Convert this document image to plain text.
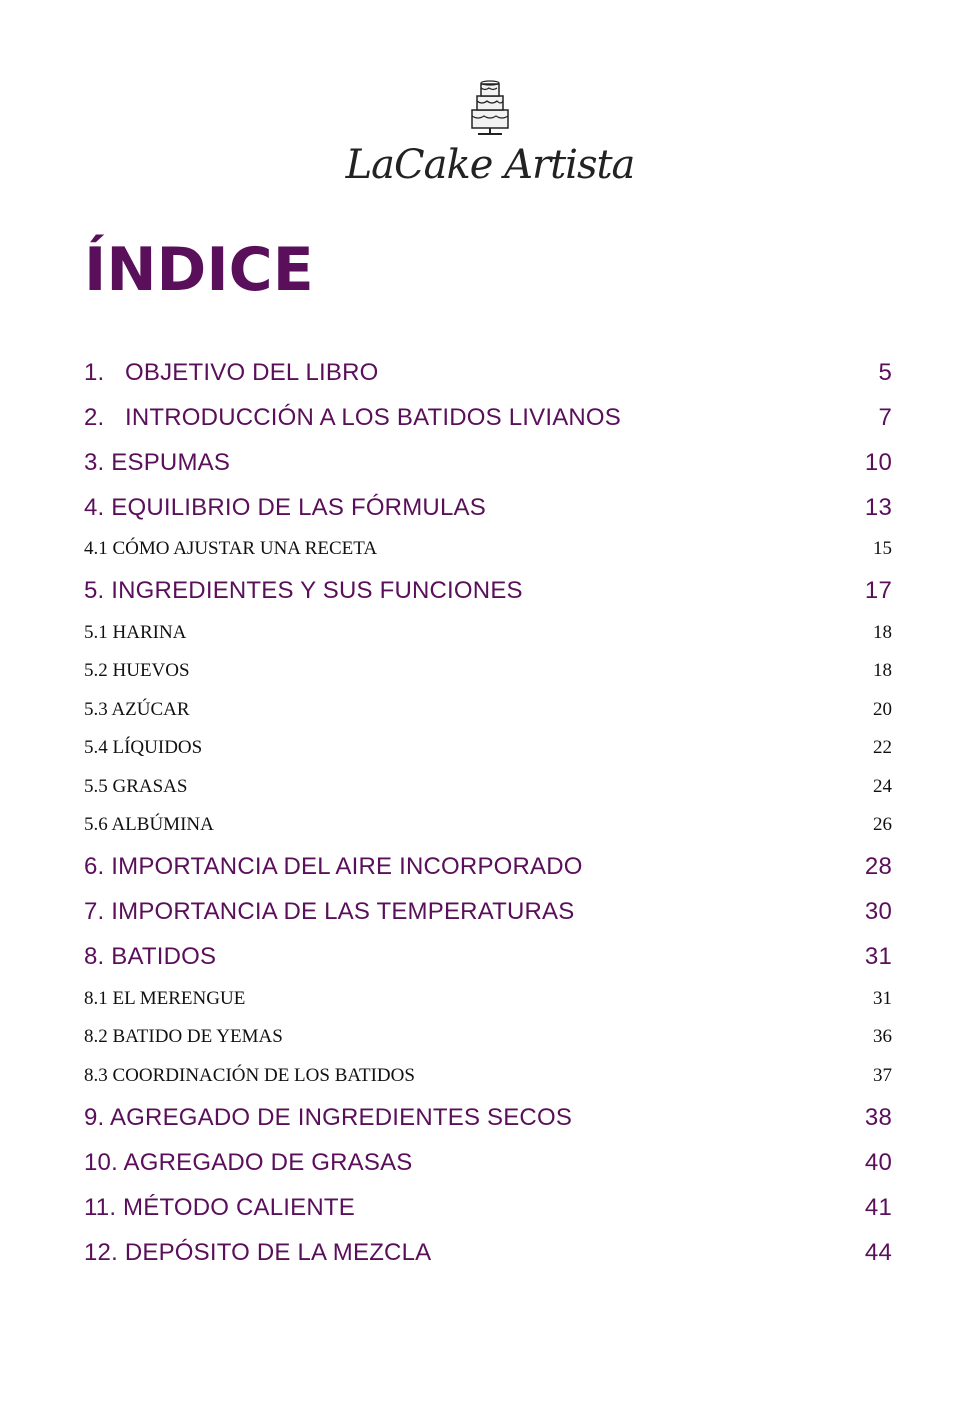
LaCake Artista
ÍNDICE
1.   OBJETIVO DEL LIBRO	5
2.   INTRODUCCIÓN A LOS BATIDOS LIVIANOS	7
3. ESPUMAS	10
4. EQUILIBRIO DE LAS FÓRMULAS	13
4.1 CÓMO AJUSTAR UNA RECETA	15
5. INGREDIENTES Y SUS FUNCIONES	17
5.1 HARINA	18
5.2 HUEVOS	18
5.3 AZÚCAR	20
5.4 LÍQUIDOS	22
5.5 GRASAS	24
5.6 ALBÚMINA	26
6. IMPORTANCIA DEL AIRE INCORPORADO	28
7. IMPORTANCIA DE LAS TEMPERATURAS	30
8. BATIDOS	31
8.1 EL MERENGUE	31
8.2 BATIDO DE YEMAS	36
8.3 COORDINACIÓN DE LOS BATIDOS	37
9. AGREGADO DE INGREDIENTES SECOS	38
10. AGREGADO DE GRASAS	40
11. MÉTODO CALIENTE	41
12. DEPÓSITO DE LA MEZCLA	44
